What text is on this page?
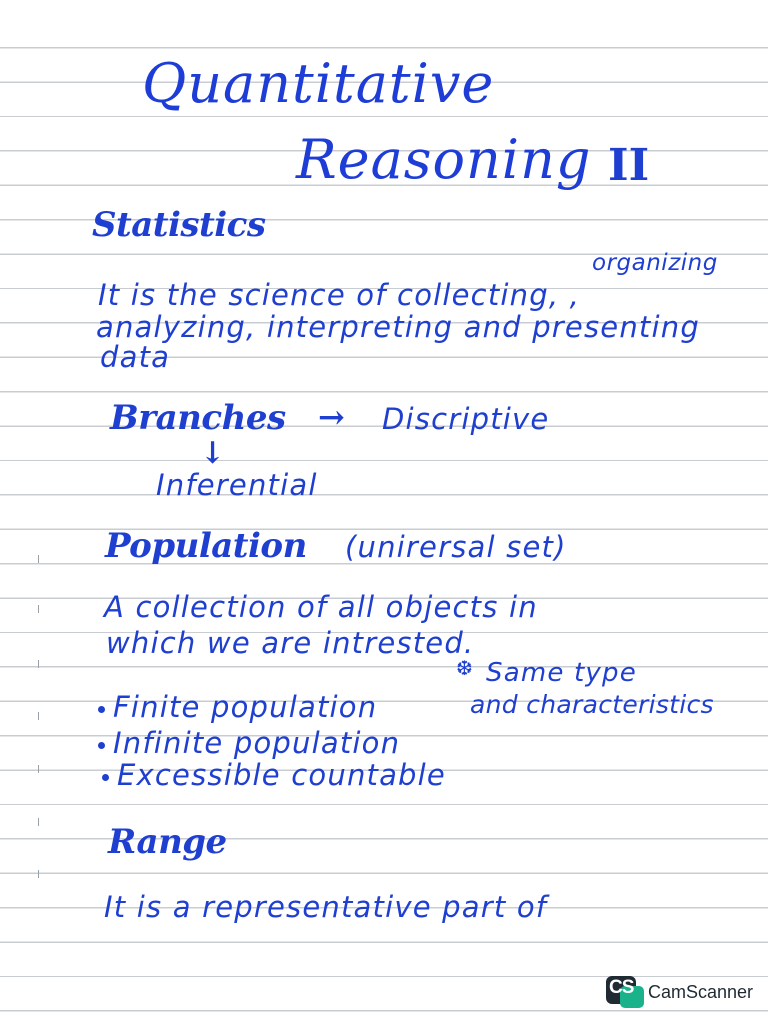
Quantitative
Reasoning II
Statistics
organizing
It is the science of collecting, ,
analyzing, interpreting and presenting
data
Branches → Discriptive
↓
Inferential
Population (unirersal set)
A collection of all objects in
which we are intrested.
❆ Same type
and characteristics
Finite population
Infinite population
Excessible countable
Range
It is a representative part of
CS CamScanner
